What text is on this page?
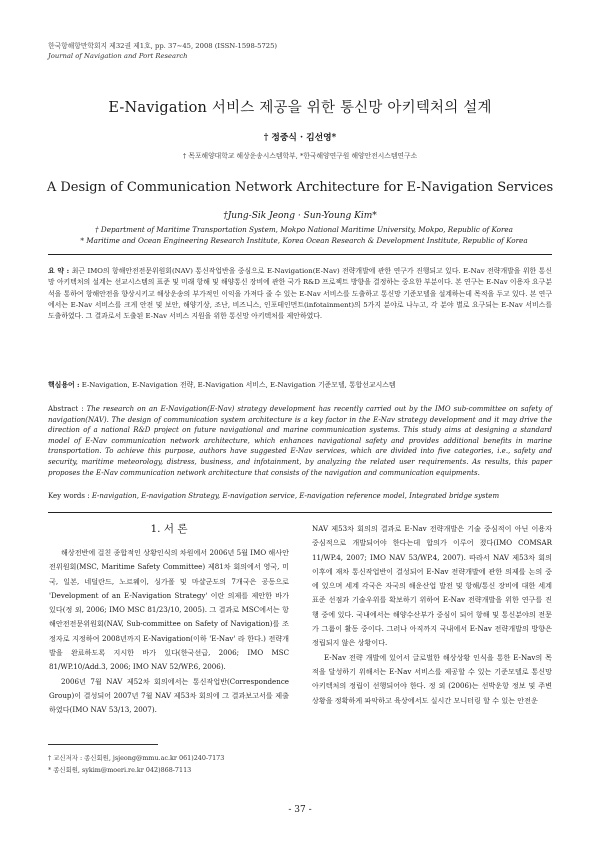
한국항해항만학회지 제32권 제1호, pp. 37∼45, 2008 (ISSN-1598-5725)
Journal of Navigation and Port Research
E-Navigation 서비스 제공을 위한 통신망 아키텍처의 설계
† 정중식 · 김선영*
† 목포해양대학교 해상운송시스템학부, *한국해양연구원 해양안전시스템연구소
A Design of Communication Network Architecture for E-Navigation Services
†Jung-Sik Jeong · Sun-Young Kim*
† Department of Maritime Transportation System, Mokpo National Maritime University, Mokpo, Republic of Korea
* Maritime and Ocean Engineering Research Institute, Korea Ocean Research & Development Institute, Republic of Korea
요 약 : 최근 IMO의 항해안전전문위원회(NAV) 통신작업반을 중심으로 E-Navigation(E-Nav) 전략개발에 관한 연구가 진행되고 있다. E-Nav 전략개발을 위한 통신망 아키텍처의 설계는 선교시스템의 표준 및 미래 항해 및 해양통신 장비에 관한 국가 R&D 프로젝트 방향을 결정하는 중요한 부분이다. 본 연구는 E-Nav 이용자 요구분석을 통하여 항해안전을 향상시키고 해상운송의 부가적인 이익을 가져다 줄 수 있는 E-Nav 서비스를 도출하고 통신망 기준모델을 설계하는데 목적을 두고 있다. 본 연구에서는 E-Nav 서비스를 크게 안전 및 보안, 해양기상, 조난, 비즈니스, 인포테인먼트(infotainment)의 5가지 분야로 나누고, 각 분야 별로 요구되는 E-Nav 서비스를 도출하였다. 그 결과로서 도출된 E-Nav 서비스 지원을 위한 통신망 아키텍처를 제안하였다.
핵심용어 : E-Navigation, E-Navigation 전략, E-Navigation 서비스, E-Navigation 기준모델, 통합선교시스템
Abstract : The research on an E-Navigation(E-Nav) strategy development has recently carried out by the IMO sub-committee on safety of navigation(NAV). The design of communication system architecture is a key factor in the E-Nav strategy development and it may drive the direction of a national R&D project on future navigational and marine communication systems. This study aims at designing a standard model of E-Nav communication network architecture, which enhances navigational safety and provides additional benefits in marine transportation. To achieve this purpose, authors have suggested E-Nav services, which are divided into five categories, i.e., safety and security, maritime meteorology, distress, business, and infotainment, by analyzing the related user requirements. As results, this paper proposes the E-Nav communication network architecture that consists of the navigation and communication equipments.
Key words : E-navigation, E-navigation Strategy, E-navigation service, E-navigation reference model, Integrated bridge system
1. 서 론

해상전반에 걸친 종합적인 상황인식의 차원에서 2006년 5월 IMO 해사안전위원회(MSC, Maritime Safety Committee) 제81차 회의에서 영국, 미국, 일본, 네덜란드, 노르웨이, 싱가폴 및 마샬군도의 7개국은 공동으로 'Development of an E-Navigation Strategy' 이란 의제를 제안한 바가 있다(정 외, 2006; IMO MSC 81/23/10, 2005). 그 결과로 MSC에서는 항해안전전문위원회(NAV, Sub-committee on Safety of Navigation)를 조정자로 지정하여 2008년까지 E-Navigation(이하 'E-Nav' 라 한다.) 전략개발을 완료하도록 지시한 바가 있다(한국선급, 2006; IMO MSC 81/WP.10/Add.3, 2006; IMO NAV 52/WP.6, 2006).

2006년 7월 NAV 제52차 회의에서는 통신작업반(Correspondence Group)이 결성되어 2007년 7월 NAV 제53차 회의에 그 결과보고서를 제출하였다(IMO NAV 53/13, 2007).

NAV 제53차 회의의 결과로 E-Nav 전략개발은 기술 중심적이 아닌 이용자 중심적으로 개발되어야 한다는데 합의가 이루어 졌다(IMO COMSAR 11/WP.4, 2007; IMO NAV 53/WP.4, 2007). 따라서 NAV 제53차 회의 이후에 재차 통신작업반이 결성되어 E-Nav 전략개발에 관한 의제를 논의 중에 있으며 세계 각국은 자국의 해운산업 발전 및 항해/통신 장비에 대한 세계 표준 선점과 기술우위를 확보하기 위하여 E-Nav 전략개발을 위한 연구를 진행 중에 있다. 국내에서는 해양수산부가 중심이 되어 항해 및 통신분야의 전문가 그룹이 활동 중이다. 그러나 아직까지 국내에서 E-Nav 전략개발의 방향은 정립되지 않은 상황이다.

E-Nav 전략 개발에 있어서 글로벌한 해상상황 인식을 통한 E-Nav의 목적을 달성하기 위해서는 E-Nav 서비스를 제공할 수 있는 기준모델로 통신망 아키텍처의 정립이 선행되어야 한다. 정 외 (2006)는 선박운항 정보 및 주변상황을 정확하게 파악하고 육상에서도 실시간 모니터링 할 수 있는 안전운

† 교신저자 : 종신회원, jsjeong@mmu.ac.kr 061)240-7173
* 종신회원, sykim@moeri.re.kr 042)868-7113
- 37 -
